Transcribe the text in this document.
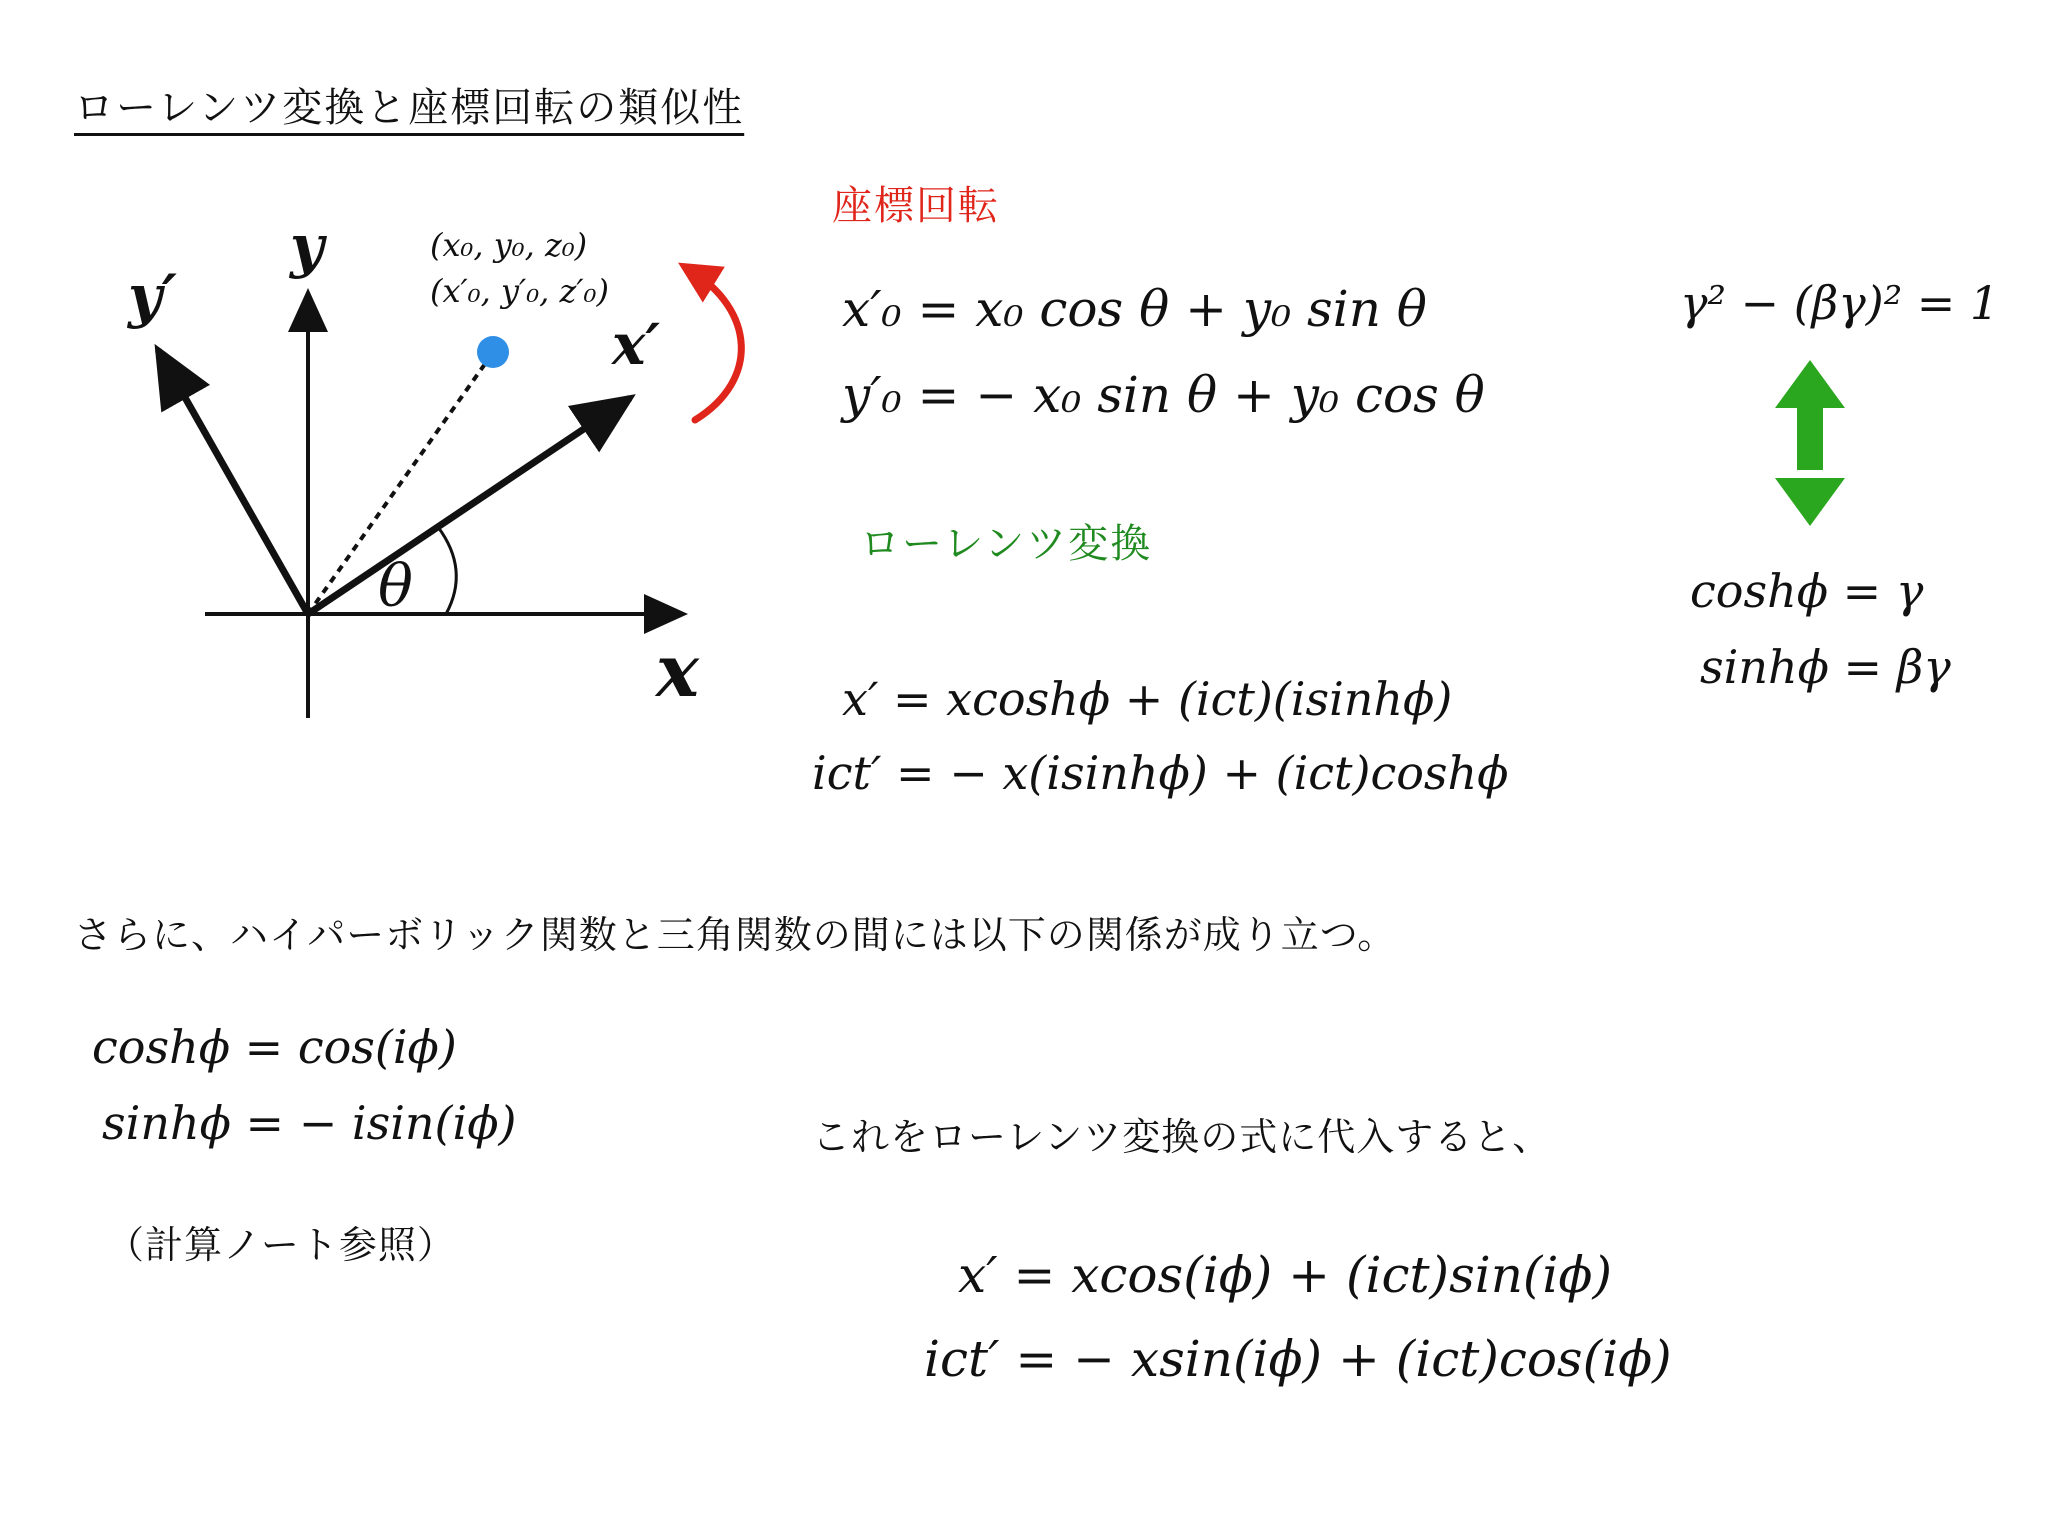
ローレンツ変換と座標回転の類似性
x
y
x′
y′
θ
(x₀, y₀, z₀)
(x′₀, y′₀, z′₀)
座標回転
x′₀ = x₀ cos θ + y₀ sin θ
y′₀ = − x₀ sin θ + y₀ cos θ
ローレンツ変換
x′ = xcoshϕ + (ict)(isinhϕ)
ict′ = − x(isinhϕ) + (ict)coshϕ
γ² − (βγ)² = 1
coshϕ = γ
sinhϕ = βγ
さらに、ハイパーボリック関数と三角関数の間には以下の関係が成り立つ。
coshϕ = cos(iϕ)
sinhϕ = − isin(iϕ)
（計算ノート参照）
これをローレンツ変換の式に代入すると、
x′ = xcos(iϕ) + (ict)sin(iϕ)
ict′ = − xsin(iϕ) + (ict)cos(iϕ)
